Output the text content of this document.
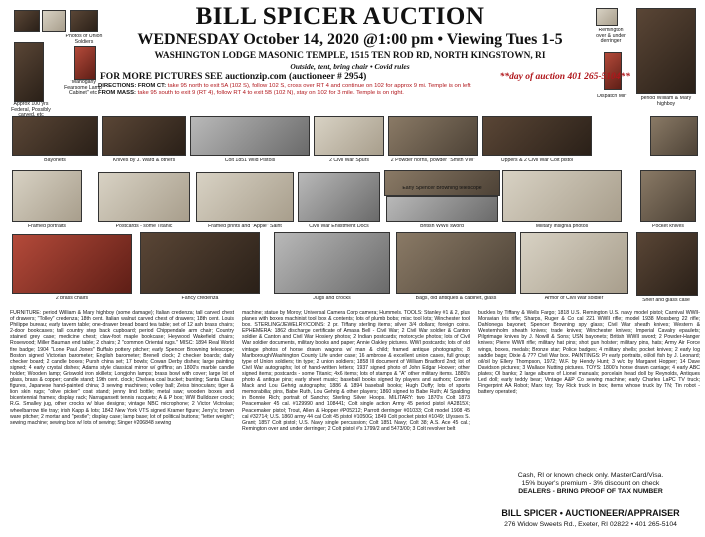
Photos of Union
Soldiers
Approx 100 yrs
Federal, Possibly

"Mahogany
Fearsome Lamp
Cabinet" etc
Remington
over & under
derringer
Dispatch Mir'	period William & Mary
highboy
BILL SPICER AUCTION
WEDNESDAY October 14, 2020 @1:00 pm • Viewing Tues 1-5
WASHINGTON LODGE MASONIC TEMPLE, 1515 TEN ROD RD, NORTH KINGSTOWN, RI
Outside, tent, bring chair • Covid rules
FOR MORE PICTURES SEE auctionzip.com (auctioneer # 2954)	**day of auction 401 265-5104**
DIRECTIONS: FROM CT: take 95 north to exit 5A (102 S), follow 102 S, cross over RT 4 and continue on 102 for approx 9 mi. Temple is on left
FROM MASS: take 95 south to exit 9 (RT 4), follow RT 4 to exit 5B (102 N), stay on 102 for 3 mile. Temple is on right.
Bayonets	Knives by J. Ward & others	Colt 1851 Wild Pistols	2 Civil War Spurs	2 Powder horns, powder "Smith VW"	Uppers & 2 Civil War Colt pistol
Framed portraits	Postcards - some Titanic	Framed prints and "Apple" Saint	Civil War Enlistment Docs
Early Spencer Browning telescope
British WWII sword	Military insignia photos	Pocket knives
2 brass chairs	Fancy credenza	Jugs and crocks	Bags, old antiques & cabinet, glass	Armor of Civil War soldier	Shelf and glass case
FURNITURE: period William & Mary highboy (some damage); Italian credenza; tall carved chest of drawers; "Tolley" credenza; 18th cent. Italian walnut carved chest of drawers; 18th cent. Louis Philippe bureau; early tavern table; one-drawer bread board tea table; set of 12 ash brass chairs; 2-door bookcases; tall country step back cupboard; period Chippendale arm chair; Country stained grey case; medicine chest; claw-foot maple bookcase; Heywood Wakefield chairs; Rosewood; Miller Bauman end table; 2 chairs; 2 "common Oriental rugs." MISC: 1894 Real World fire badge; 1904 "Lone Paul Jones" Buffalo pottery pitcher; early Spencer Browning telescope; Boston signed Victorian barometer; English barometer; Brenell clock; 2 checker boards; daily checker board; 2 candle boxes; Pursh china set; 17 bowls; Cowan Derby dishes; large painting signed; 4 early crystal dishes; Adams style classical mirror w/ griffins; an 1800's marble candle holder; Wooden lamp; Griswold iron skillets; Longjohn lamps; brass bowl with cover; large lot of glass, brass & copper; candle stand; 19th cent. clock; Chelsea coal bucket; bunting; Santa Claus figures, Japanese hand-painted china; 3 sewing machines; volley ball; Zeiss binoculars; tiger & lion skin rugs; "olive picker" coat stand; jenny lind bottle; metal saw; wooden boxes and bicentennial frames; display rack; Narragansett tennis racquets; A & P box; WW Bulldozer crock; R.G. Smalley jug, other crocks w/ blue designs; vintage NBC microphone; 2 Victor Victrolas; wheelbarrow tile tray; irish Kapp & lots; 1842 New York VTS signed Kramer figure; Jerry's; brown ware pitcher; 2 mortar and "pestle"; display case; lamp base; lot of political buttons; "letter weight"; sewing machine; sewing box w/ lots of sewing; Singer #206848 sewing
machine; statue by Moroy; Universal Camera Corp camera; Hummels. TOOLS: Stanley #1 & 2, plus planes with boxes machinist tool box & contents; lots of plumb bobs; misc tool lots; Winchester tool box. STERLING/JEWELRY/COINS: 2 pr. Tiffany sterling items; silver 3/4 dollars; foreign coins. EPHEMERA: 1862 discharge certificate of Amasa Bell - Civil War; 2 Civil War soldier & Canton soldier & Canton and Civil War Hosiery photos; 2 Indian postcards; motorcycle photos; lots of Civil War soldier documents, military books and paper; Annie Oakley pictures. WWI postcards; lots of old vintage photos of horse drawn wagons w/ man & child; framed antique photographs; 8 Marlborough/Washington County Life under case; 16 ambrose & excellent union cases, full group; type of Union soldiers; tin type; 2 union soldiers; 1858 Ill document of William Bradford 2nd; lot of Civil War autographs; lot of hand-written letters; 1937 signed photo of John Edgar Hoover; other signed items; postcards - some Titanic; 4x6 items; lots of stamps & "A" other military items. 1880's photo & antique pins; early sheet music; baseball books signed by players and authors; Connie Mack and Lou Gehrig autographs; 1886 & 1894 baseball books; Hugh Duffy; lots of sports memorabilia; pins, Babe Ruth, Lou Gehrig & other players; 1860 signed to Babe Ruth; Al Spalding in Bonnie Rich; portrait of Sancho; Sterling Silver Hoops. MILITARY: two 1870's Colt 1873 Peacemaker 45 cal. #129990 and 108441; Colt single action Army 45 period pistol #A2815X; Peacemaker pistol; Trout, Allen & Hopper #P05212; Parrott derringer #01033; Colt model 1908 45 cal #32714; U.S. 1860 army 44 cal Colt 45 pistol #1050G; 1849 Colt pocket pistol #1049; Ulysses S. Grant; 1857 Colt pistol; U.S. Navy single percussion; Colt 1851 Navy; Colt 38; A.S. Ace 45 cal.; Remington over and under derringer; 2 Colt pistol #'s 1799/2 and 5473/00; 3 Colt revolver belt
buckles by Tiffany & Wells Fargo; 1818 U.S. Remington U.S. navy model pistol; Carnival WWII-Moravian Iris rifle; Sharps, Ruger & Co cal 221 WWII rifle; model 1938 Mossberg 22 rifle; Dahlonega bayonet; Spencer Browning spy glass; Civil War sheath knives; Western & Westernholm sheath knives; trade knives; Winchester knives; Imperial Cavalry epaulets; Pilgrimage knives by J. Nowill & Sons; USN bayonets; British WWII sword; 2 Powder-Hanger knives; Pierre WWII rifle; military hat pins; shot gun holster; military pins, hats; Army Air Force wings, boxes, medals; Bronze star; Police badges; 4 military shells; pocket knives; 2 early log saddle bags; Dixie & 7?? Civil War box. PAINTINGS: Pr early portraits, oil/oil fish by J. Leonard; oil/oil by Ellery Thompson, 1972; W.F. by Hendy Hunt; 3 w/c by Margaret Hopper; 14 Dave Davidson pictures; 3 Wallace Nutting pictures. TOYS: 1800's horse drawn carriage; 4 early ABC plates; Ol banks; 2 large albums of Lionel manuals; porcelain head doll by Reynolds, Antiques Led doll; early teddy bear; Vintage A&P Co sewing machine; early Charles LaPC TV truck; Fingerprint AA Robot; Marx toy; Toy Rick truck in box; items whose truck by TN; Tin robot - battery operated;
Cash, RI or known check only. MasterCard/Visa.
15% buyer's premium - 3% discount on check
DEALERS - BRING PROOF OF TAX NUMBER
BILL SPICER • AUCTIONEER/APPRAISER
276 Widow Sweets Rd., Exeter, RI 02822 • 401 265-5104
